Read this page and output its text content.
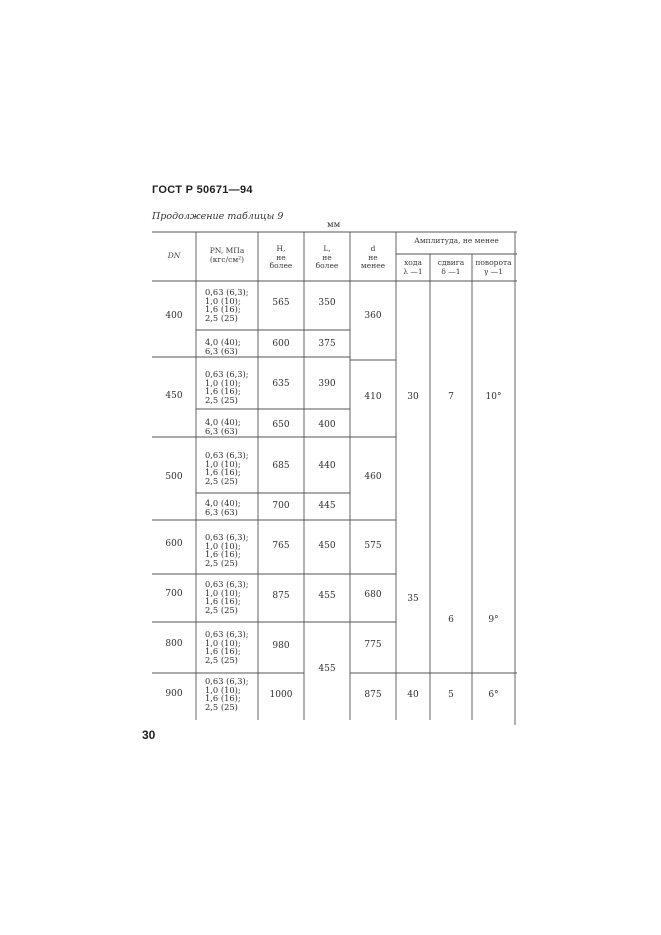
ГОСТ Р 50671—94
Продолжение таблицы 9
мм
DN
PN, МПа
(кгс/см²)
H,
не
более
L,
не
более
d
не
менее
Амплитуда, не менее
хода
λ —1
сдвига
δ —1
поворота
γ —1
400
450
500
600
700
800
900
0,63 (6,3);
1,0 (10);
1,6 (16);
2,5 (25)
4,0 (40);
6,3 (63)
0,63 (6,3);
1,0 (10);
1,6 (16);
2,5 (25)
4,0 (40);
6,3 (63)
0,63 (6,3);
1,0 (10);
1,6 (16);
2,5 (25)
4,0 (40);
6,3 (63)
0,63 (6,3);
1,0 (10);
1,6 (16);
2,5 (25)
0,63 (6,3);
1,0 (10);
1,6 (16);
2,5 (25)
0,63 (6,3);
1,0 (10);
1,6 (16);
2,5 (25)
0,63 (6,3);
1,0 (10);
1,6 (16);
2,5 (25)
565
600
635
650
685
700
765
875
980
1000
350
375
390
400
440
445
450
455
455
360
410
460
575
680
775
875
30
35
40
7
6
5
10°
9°
6°
30
